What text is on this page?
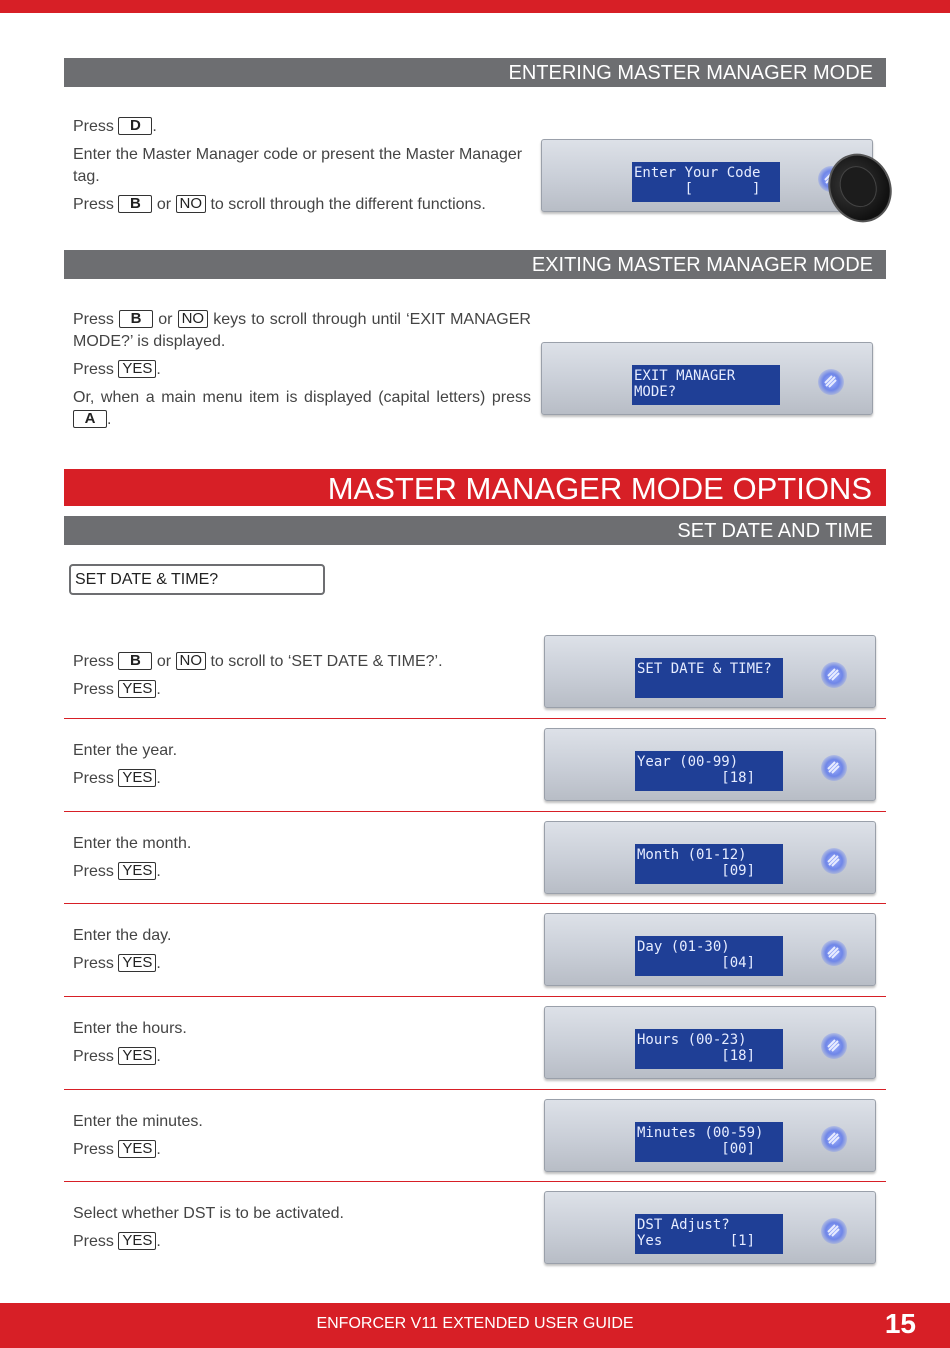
ENTERING MASTER MANAGER MODE

Press D .

Enter the Master Manager code or present the Master Manager tag.

Press B or NO to scroll through the different functions.

Enter Your Code
[       ]
EXITING MASTER MANAGER MODE

Press B or NO keys to scroll through until ‘EXIT MANAGER MODE?’ is displayed.

Press YES .

Or, when a main menu item is displayed (capital letters) press A .

EXIT MANAGER
MODE?
MASTER MANAGER MODE OPTIONS
SET DATE AND TIME
SET DATE & TIME?

Press B or NO to scroll to ‘SET DATE & TIME?’.

Press YES .

SET DATE & TIME?

Enter the year.

Press YES .

Year (00-99)
[18]

Enter the month.

Press YES .

Month (01-12)
[09]

Enter the day.

Press YES .

Day (01-30)
[04]

Enter the hours.

Press YES .

Hours (00-23)
[18]

Enter the minutes.

Press YES .

Minutes (00-59)
[00]

Select whether DST is to be activated.

Press YES .

DST Adjust?
Yes        [1]
ENFORCER V11 EXTENDED USER GUIDE	15
